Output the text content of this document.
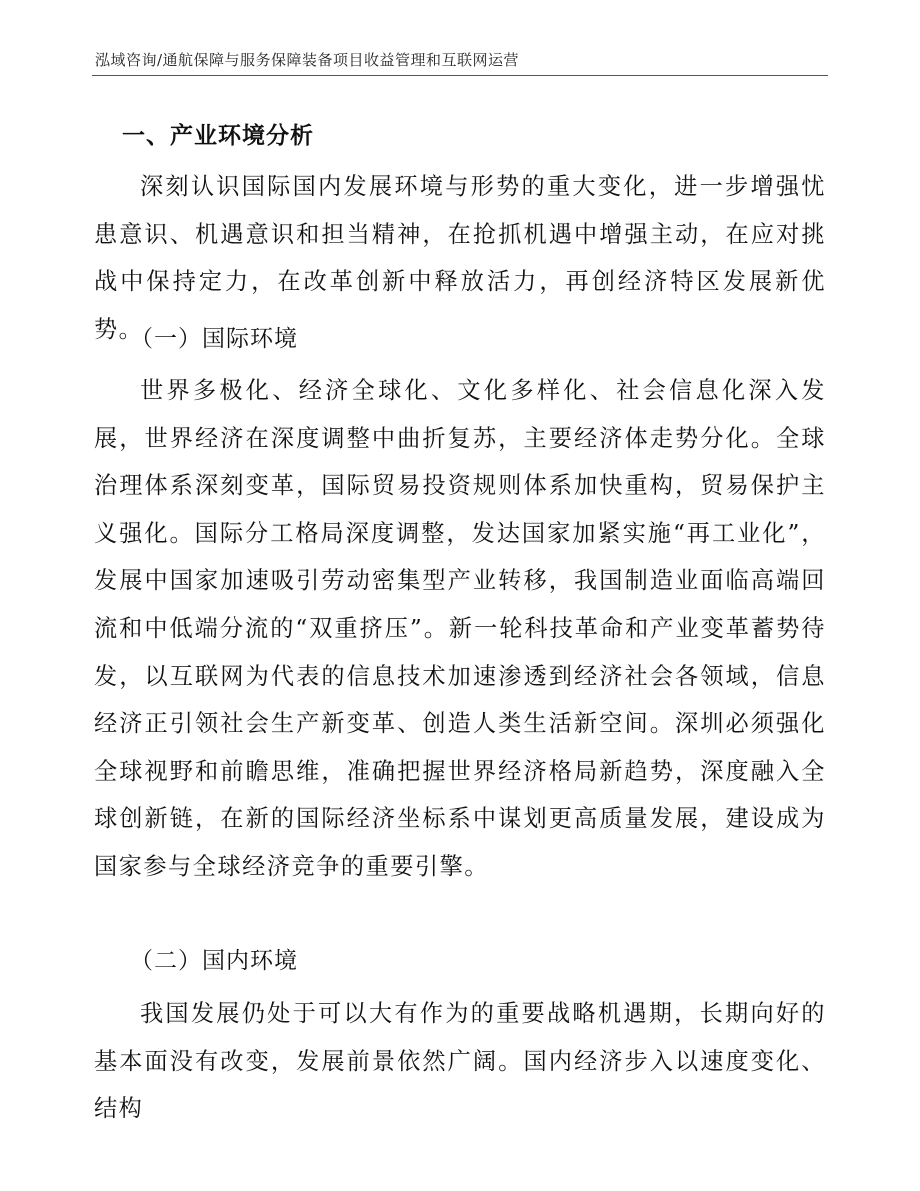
泓域咨询/通航保障与服务保障装备项目收益管理和互联网运营
一、产业环境分析

深刻认识国际国内发展环境与形势的重大变化，进一步增强忧患意识、机遇意识和担当精神，在抢抓机遇中增强主动，在应对挑战中保持定力，在改革创新中释放活力，再创经济特区发展新优势。

（一）国际环境

世界多极化、经济全球化、文化多样化、社会信息化深入发展，世界经济在深度调整中曲折复苏，主要经济体走势分化。全球治理体系深刻变革，国际贸易投资规则体系加快重构，贸易保护主义强化。国际分工格局深度调整，发达国家加紧实施“再工业化”，发展中国家加速吸引劳动密集型产业转移，我国制造业面临高端回流和中低端分流的“双重挤压”。新一轮科技革命和产业变革蓄势待发，以互联网为代表的信息技术加速渗透到经济社会各领域，信息经济正引领社会生产新变革、创造人类生活新空间。深圳必须强化全球视野和前瞻思维，准确把握世界经济格局新趋势，深度融入全球创新链，在新的国际经济坐标系中谋划更高质量发展，建设成为国家参与全球经济竞争的重要引擎。

（二）国内环境

我国发展仍处于可以大有作为的重要战略机遇期，长期向好的基本面没有改变，发展前景依然广阔。国内经济步入以速度变化、结构
